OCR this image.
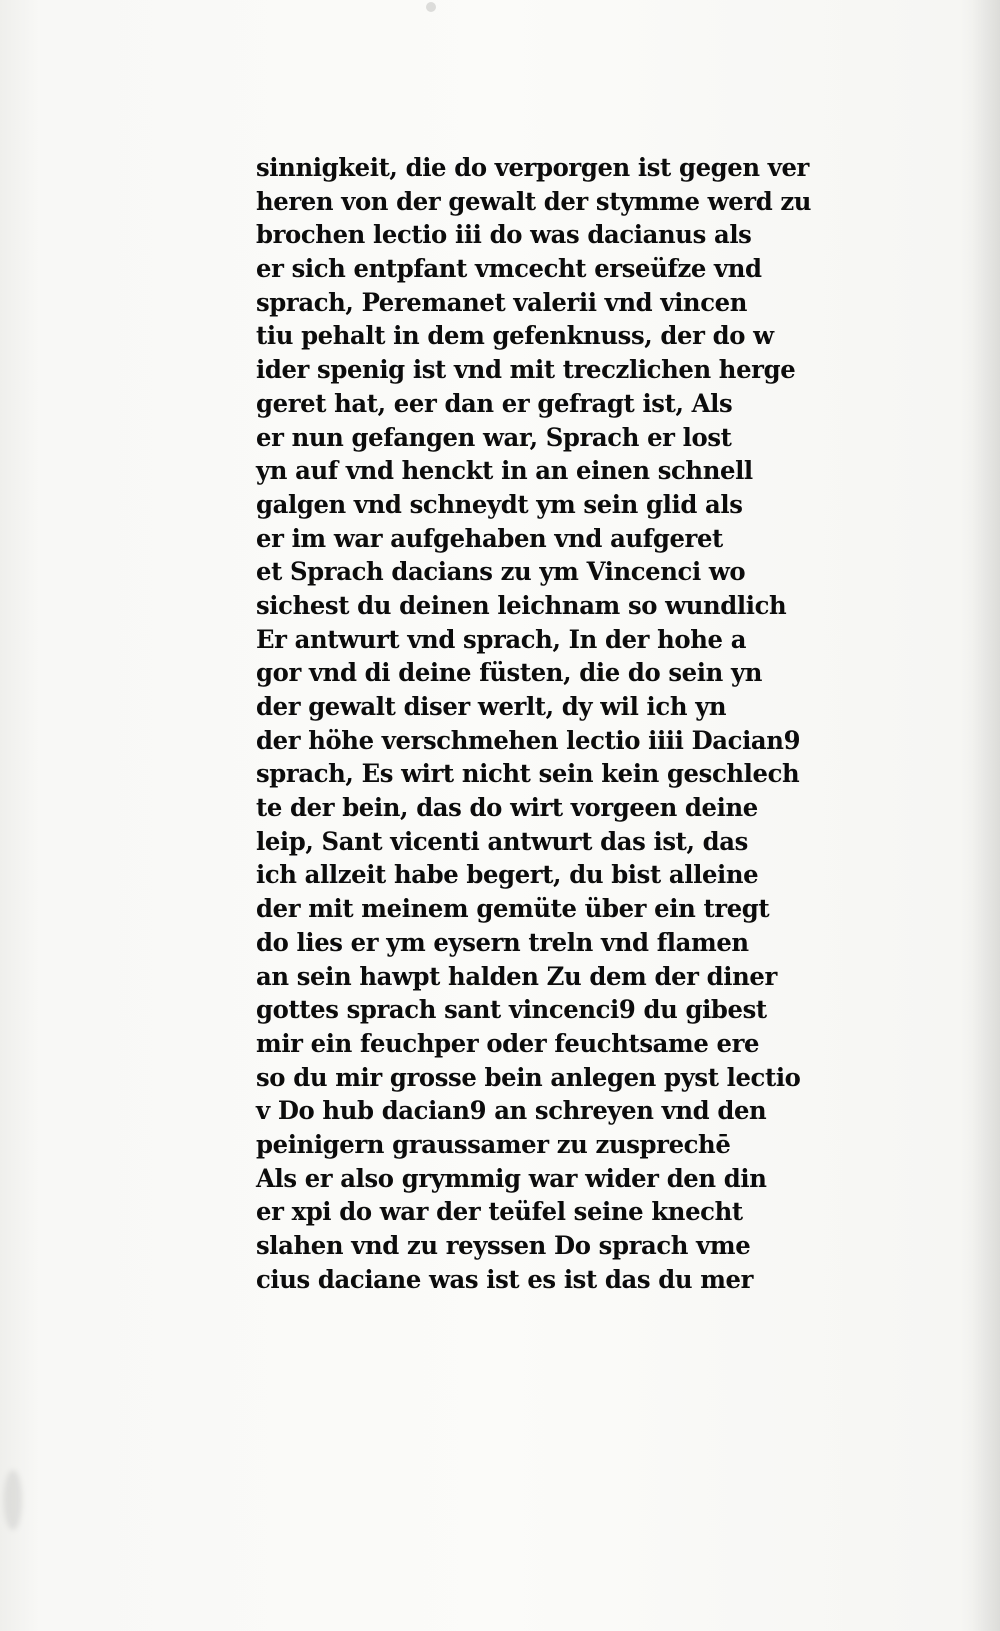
sinnigkeit, die do verporgen ist gegen ver
heren von der gewalt der stymme werd zu
brochen lectio iii do was dacianus als
er sich entpfant vmcecht erseüfze vnd
sprach, Peremanet valerii vnd vincen
tiu pehalt in dem gefenknuss, der do w
ider spenig ist vnd mit treczlichen herge
geret hat, eer dan er gefragt ist, Als
er nun gefangen war, Sprach er lost
yn auf vnd henckt in an einen schnell
galgen vnd schneydt ym sein glid als
er im war aufgehaben vnd aufgeret
et Sprach dacians zu ym Vincenci wo
sichest du deinen leichnam so wundlich
Er antwurt vnd sprach, In der hohe a
gor vnd di deine füsten, die do sein yn
der gewalt diser werlt, dy wil ich yn
der höhe verschmehen lectio iiii Dacian9
sprach, Es wirt nicht sein kein geschlech
te der bein, das do wirt vorgeen deine
leip, Sant vicenti antwurt das ist, das
ich allzeit habe begert, du bist alleine
der mit meinem gemüte über ein tregt
do lies er ym eysern treln vnd flamen
an sein hawpt halden Zu dem der diner
gottes sprach sant vincenci9 du gibest
mir ein feuchper oder feuchtsame ere
so du mir grosse bein anlegen pyst lectio
v Do hub dacian9 an schreyen vnd den
peinigern graussamer zu zusprechē
Als er also grymmig war wider den din
er xpi do war der teüfel seine knecht
slahen vnd zu reyssen Do sprach vme
cius daciane was ist es ist das du mer
